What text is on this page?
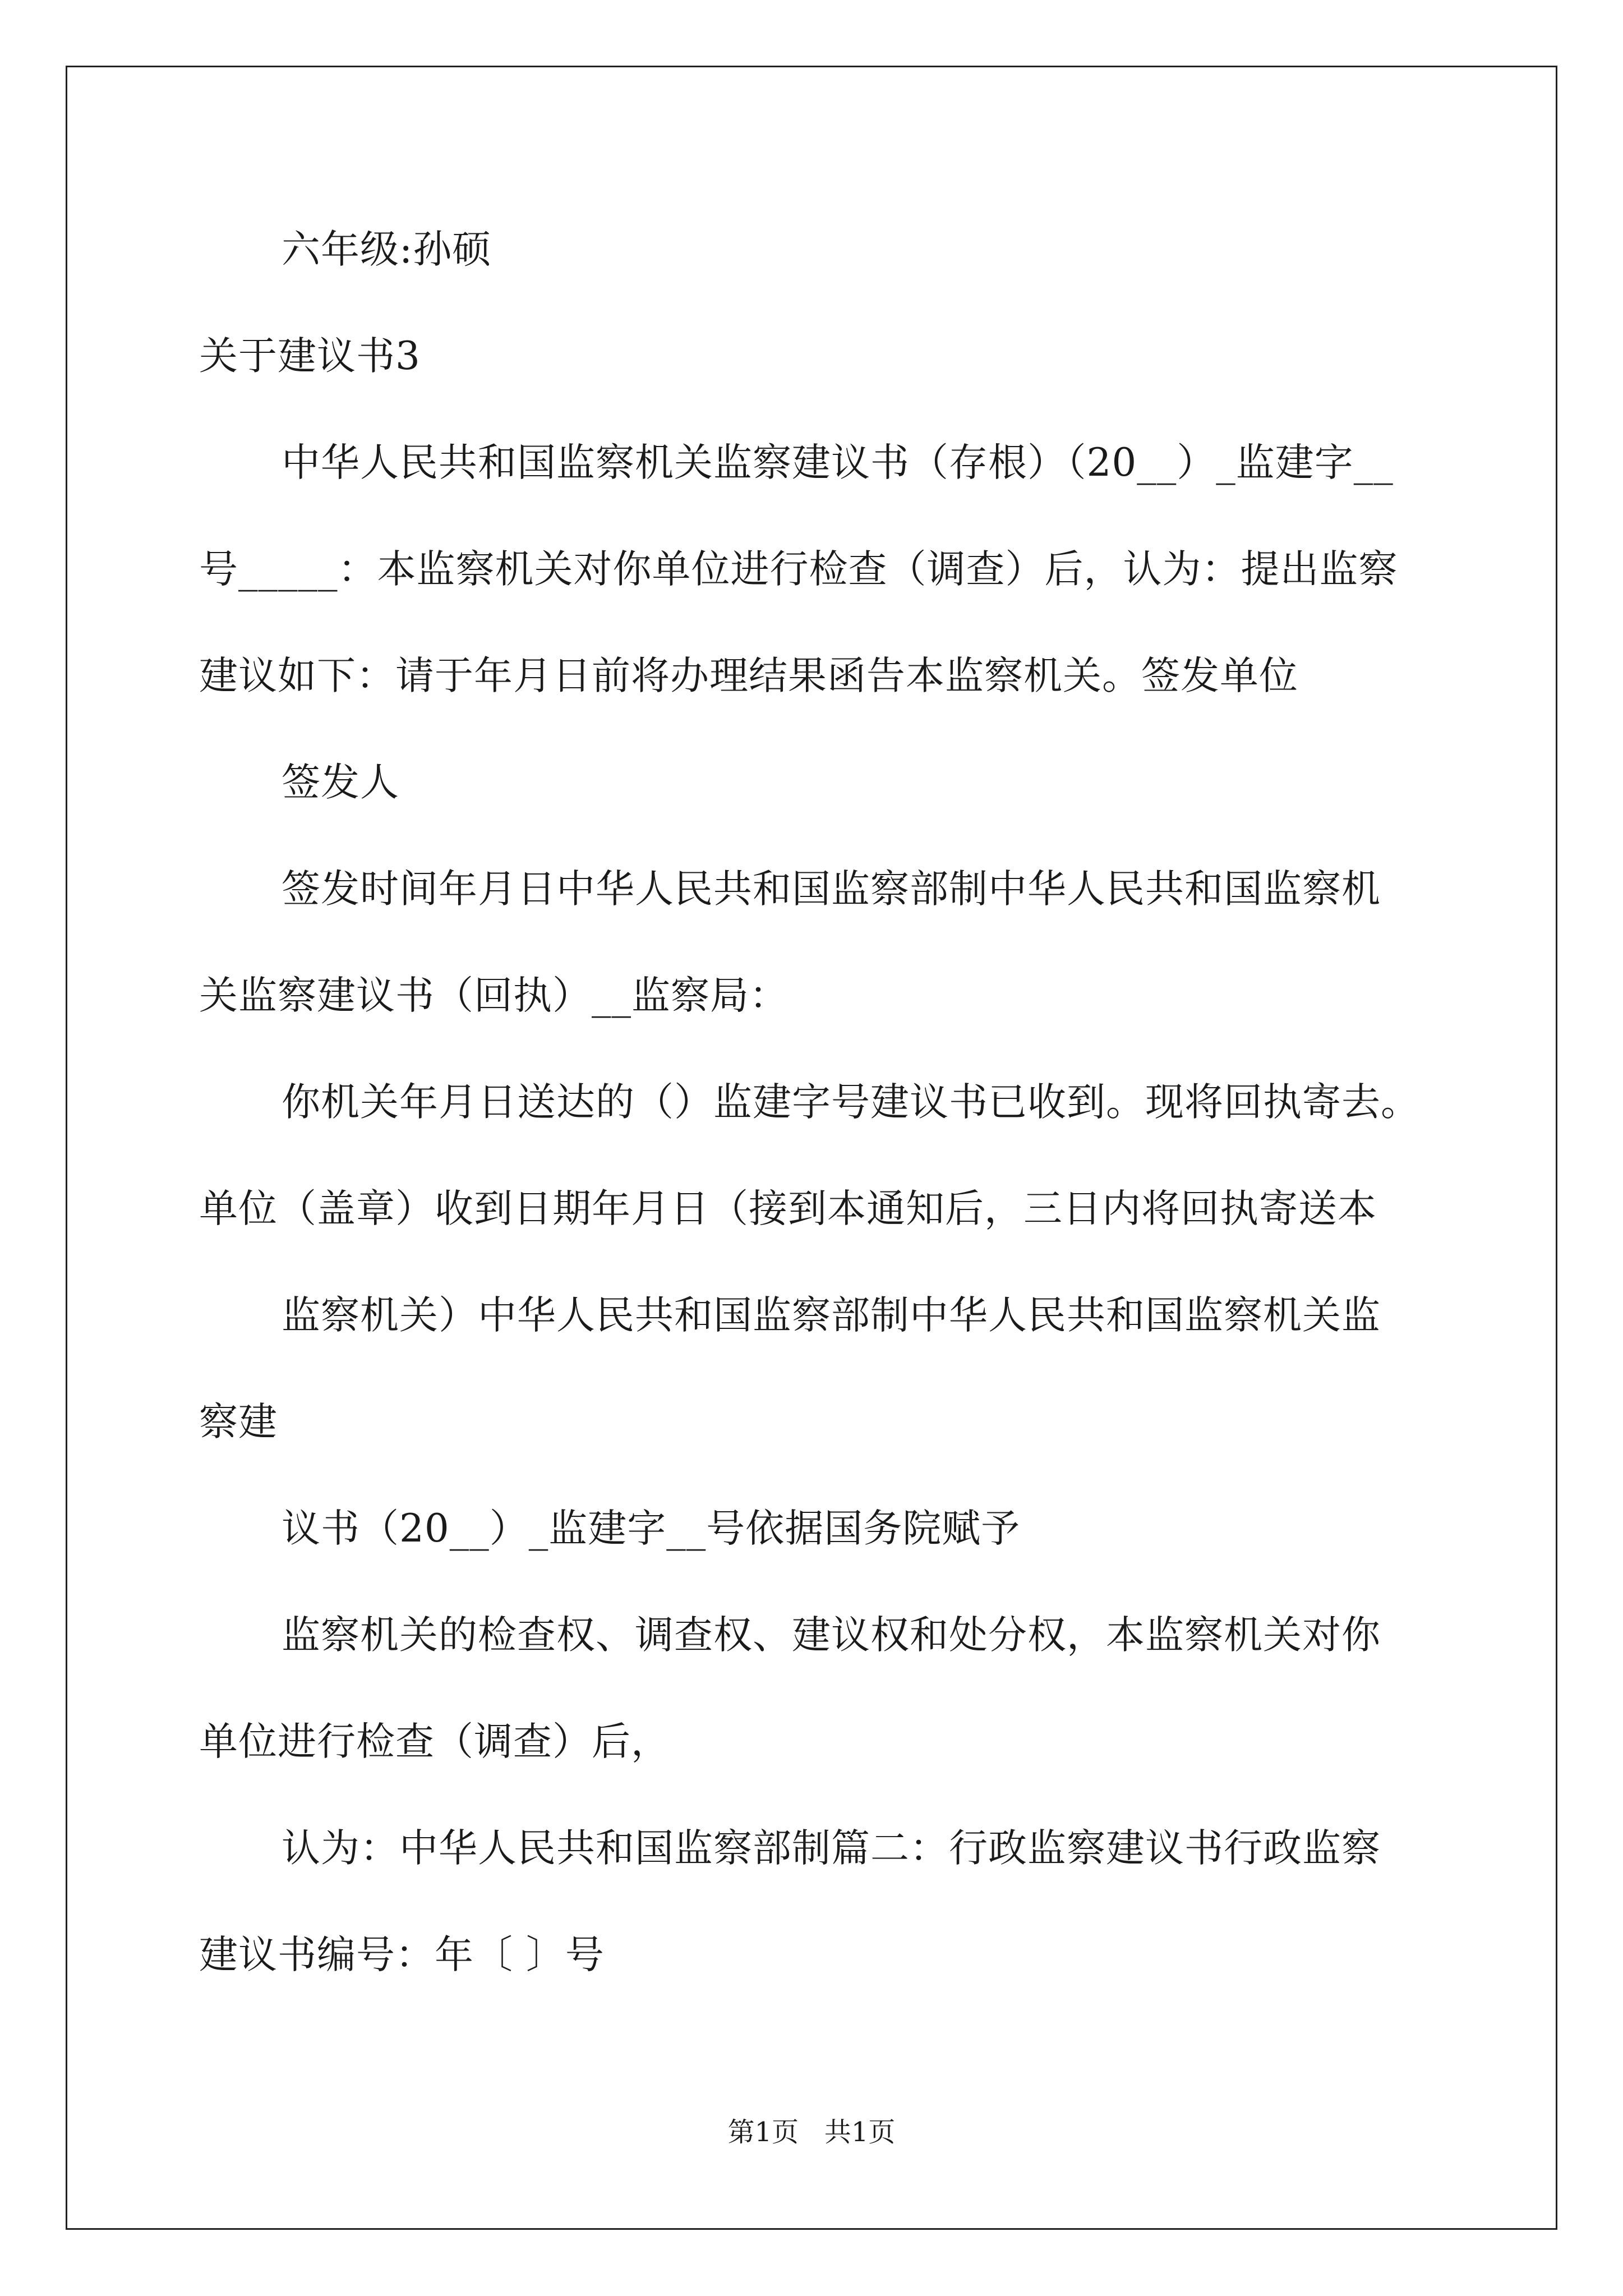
六年级:孙硕
关于建议书3
中华人民共和国监察机关监察建议书（存根）（20__）_监建字__
号_____：本监察机关对你单位进行检查（调查）后，认为：提出监察
建议如下：请于年月日前将办理结果函告本监察机关。签发单位
签发人
签发时间年月日中华人民共和国监察部制中华人民共和国监察机
关监察建议书（回执）__监察局：
你机关年月日送达的（）监建字号建议书已收到。现将回执寄去。
单位（盖章）收到日期年月日（接到本通知后，三日内将回执寄送本
监察机关）中华人民共和国监察部制中华人民共和国监察机关监
察建
议书（20__）_监建字__号依据国务院赋予
监察机关的检查权、调查权、建议权和处分权，本监察机关对你
单位进行检查（调查）后，
认为：中华人民共和国监察部制篇二：行政监察建议书行政监察
建议书编号：年〔 〕号
第1页   共1页
